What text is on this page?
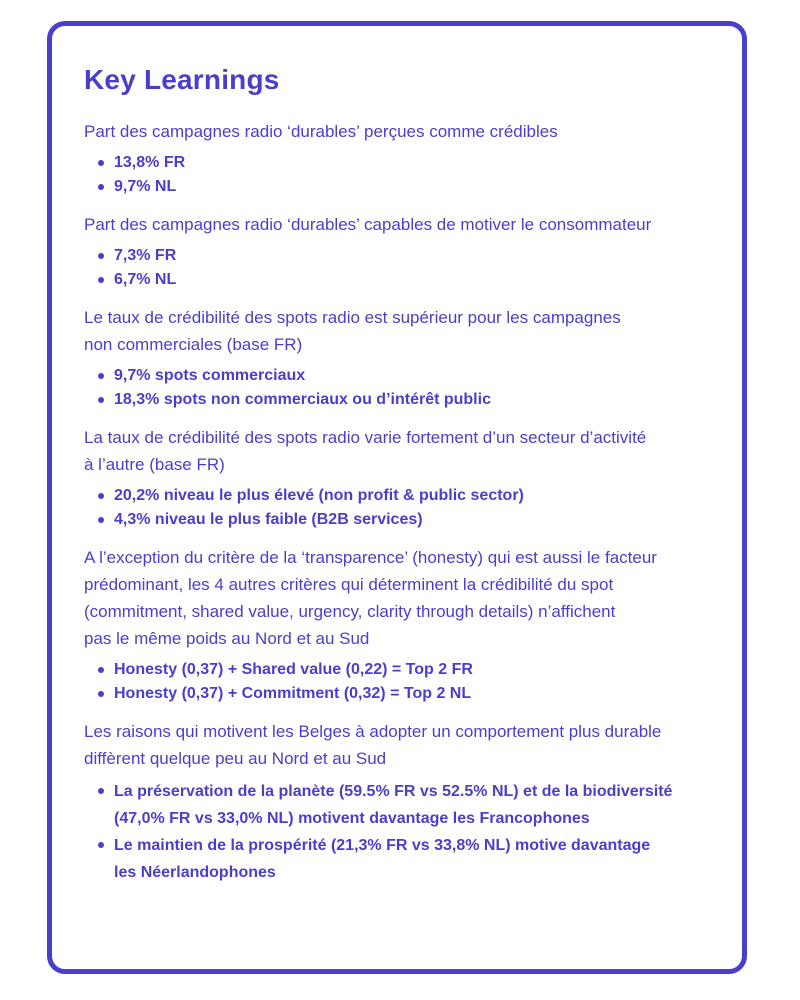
Key Learnings

Part des campagnes radio ‘durables’ perçues comme crédibles

13,8% FR
9,7% NL

Part des campagnes radio ‘durables’ capables de motiver le consommateur

7,3% FR
6,7% NL

Le taux de crédibilité des spots radio est supérieur pour les campagnes
non commerciales (base FR)

9,7% spots commerciaux
18,3% spots non commerciaux ou d’intérêt public

La taux de crédibilité des spots radio varie fortement d’un secteur d’activité
à l’autre (base FR)

20,2% niveau le plus élevé (non profit & public sector)
4,3% niveau le plus faible (B2B services)

A l’exception du critère de la ‘transparence’ (honesty) qui est aussi le facteur
prédominant, les 4 autres critères qui déterminent la crédibilité du spot
(commitment, shared value, urgency, clarity through details) n’affichent
pas le même poids au Nord et au Sud

Honesty (0,37) + Shared value (0,22) = Top 2 FR
Honesty (0,37) + Commitment (0,32) = Top 2 NL

Les raisons qui motivent les Belges à adopter un comportement plus durable
diffèrent quelque peu au Nord et au Sud

La préservation de la planète (59.5% FR vs 52.5% NL) et de la biodiversité
(47,0% FR vs 33,0% NL) motivent davantage les Francophones
Le maintien de la prospérité (21,3% FR vs 33,8% NL) motive davantage
les Néerlandophones
